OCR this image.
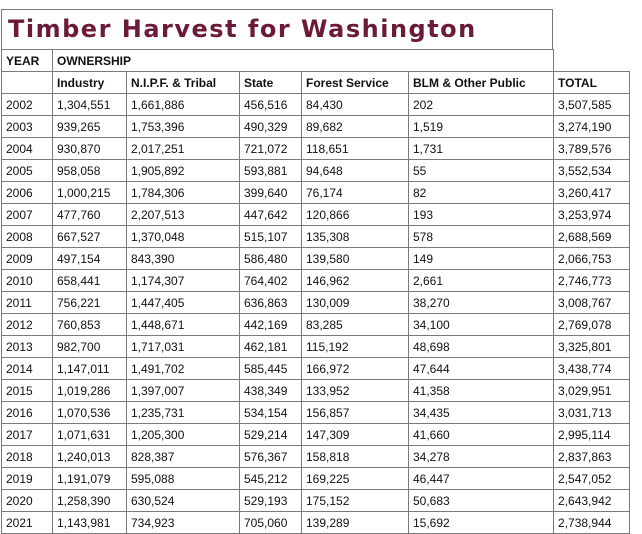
Timber Harvest for Washington
YEAR	OWNERSHIP					
	Industry	N.I.P.F. & Tribal	State	Forest Service	BLM & Other Public	TOTAL
2002	1,304,551	1,661,886	456,516	84,430	202	3,507,585
2003	939,265	1,753,396	490,329	89,682	1,519	3,274,190
2004	930,870	2,017,251	721,072	118,651	1,731	3,789,576
2005	958,058	1,905,892	593,881	94,648	55	3,552,534
2006	1,000,215	1,784,306	399,640	76,174	82	3,260,417
2007	477,760	2,207,513	447,642	120,866	193	3,253,974
2008	667,527	1,370,048	515,107	135,308	578	2,688,569
2009	497,154	843,390	586,480	139,580	149	2,066,753
2010	658,441	1,174,307	764,402	146,962	2,661	2,746,773
2011	756,221	1,447,405	636,863	130,009	38,270	3,008,767
2012	760,853	1,448,671	442,169	83,285	34,100	2,769,078
2013	982,700	1,717,031	462,181	115,192	48,698	3,325,801
2014	1,147,011	1,491,702	585,445	166,972	47,644	3,438,774
2015	1,019,286	1,397,007	438,349	133,952	41,358	3,029,951
2016	1,070,536	1,235,731	534,154	156,857	34,435	3,031,713
2017	1,071,631	1,205,300	529,214	147,309	41,660	2,995,114
2018	1,240,013	828,387	576,367	158,818	34,278	2,837,863
2019	1,191,079	595,088	545,212	169,225	46,447	2,547,052
2020	1,258,390	630,524	529,193	175,152	50,683	2,643,942
2021	1,143,981	734,923	705,060	139,289	15,692	2,738,944
